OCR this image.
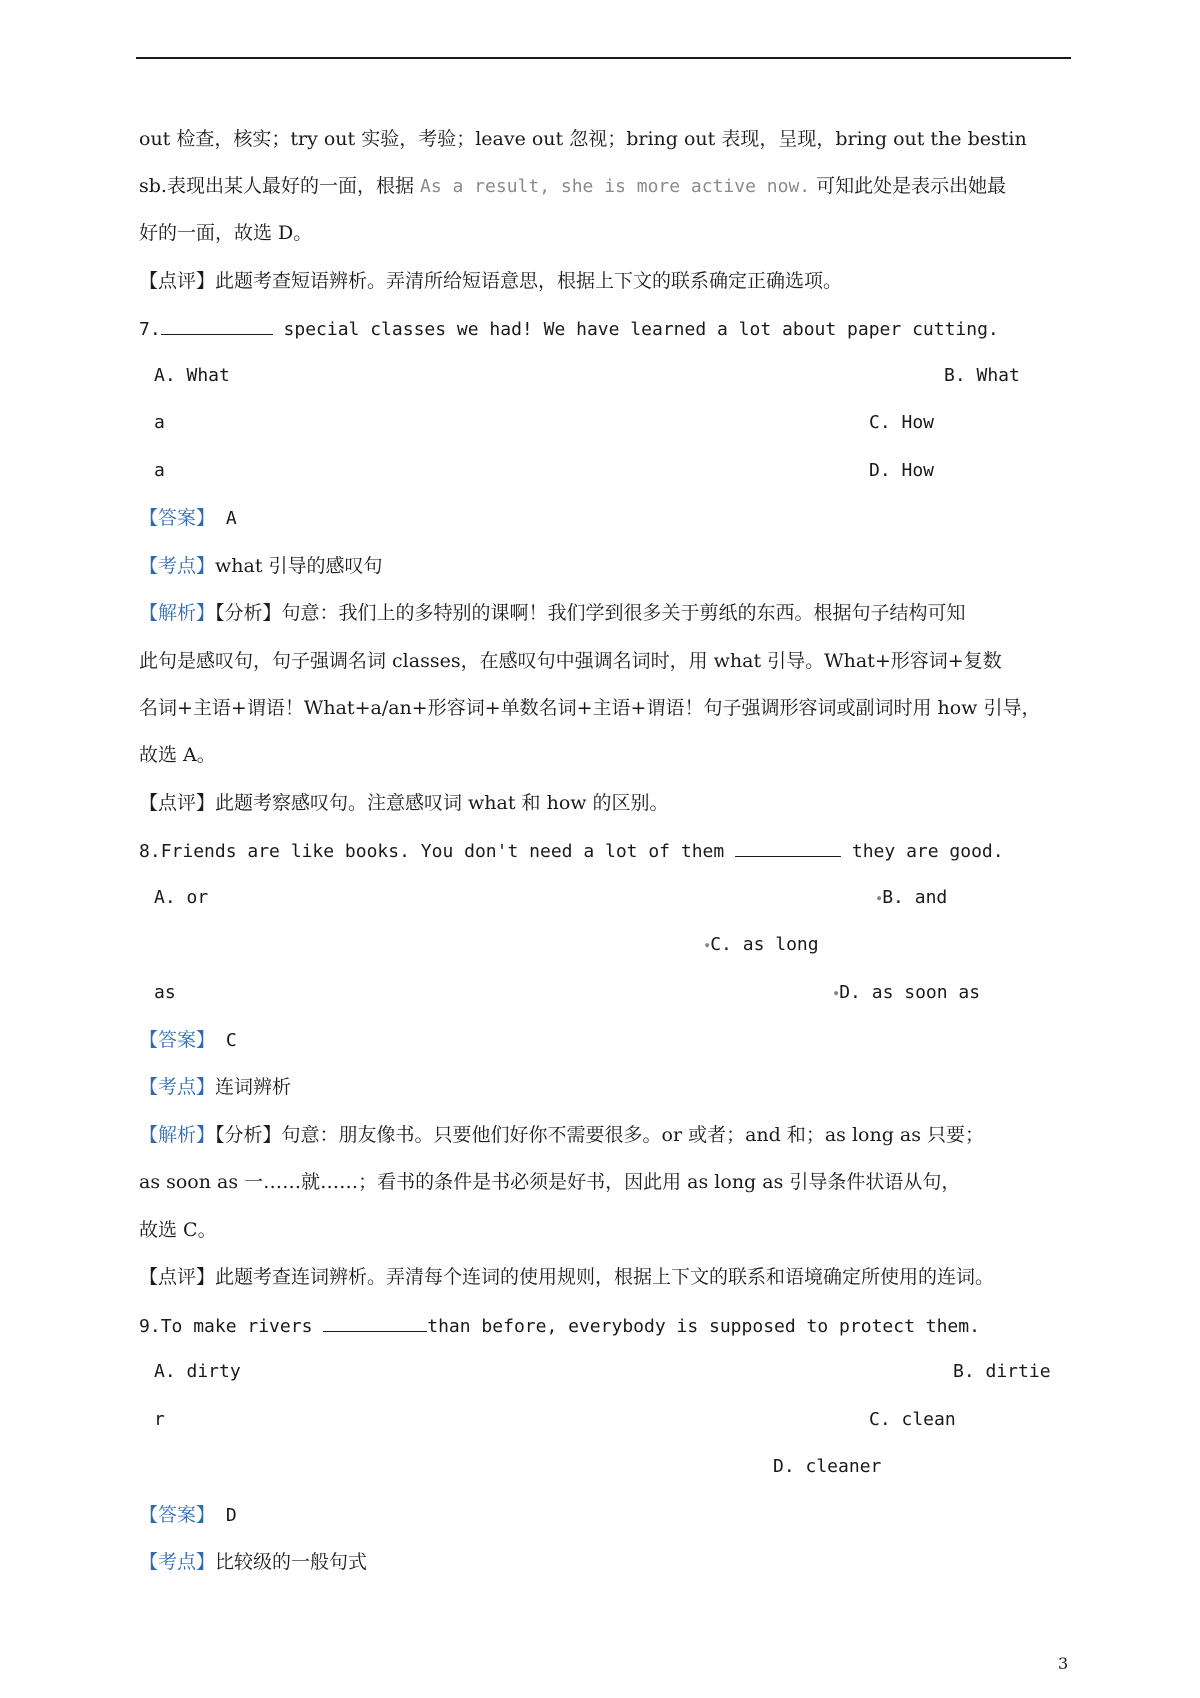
out 检查，核实；try out 实验，考验；leave out 忽视；bring out 表现，呈现，bring out the bestin
sb.表现出某人最好的一面，根据 As a result, she is more active now. 可知此处是表示出她最
好的一面，故选 D。
【点评】此题考查短语辨析。弄清所给短语意思，根据上下文的联系确定正确选项。
7.	special classes we had! We have learned a lot about paper cutting.
A. What	B. What
a	C. How
a	D. How
【答案】 A
【考点】what 引导的感叹句
【解析】【分析】句意：我们上的多特别的课啊！我们学到很多关于剪纸的东西。根据句子结构可知
此句是感叹句，句子强调名词 classes，在感叹句中强调名词时，用 what 引导。What+形容词+复数
名词+主语+谓语！What+a/an+形容词+单数名词+主语+谓语！句子强调形容词或副词时用 how 引导，
故选 A。
【点评】此题考察感叹句。注意感叹词 what 和 how 的区别。
8.Friends are like books. You don't need a lot of them	they are good.
A. or	●B. and
●C. as long
as	●D. as soon as
【答案】 C
【考点】连词辨析
【解析】【分析】句意：朋友像书。只要他们好你不需要很多。or 或者；and 和；as long as 只要；
as soon as 一……就……；看书的条件是书必须是好书，因此用 as long as 引导条件状语从句，
故选 C。
【点评】此题考查连词辨析。弄清每个连词的使用规则，根据上下文的联系和语境确定所使用的连词。
9.To make rivers	than before, everybody is supposed to protect them.
A. dirty	B. dirtie
r	C. clean
D. cleaner
【答案】 D
【考点】比较级的一般句式
3
